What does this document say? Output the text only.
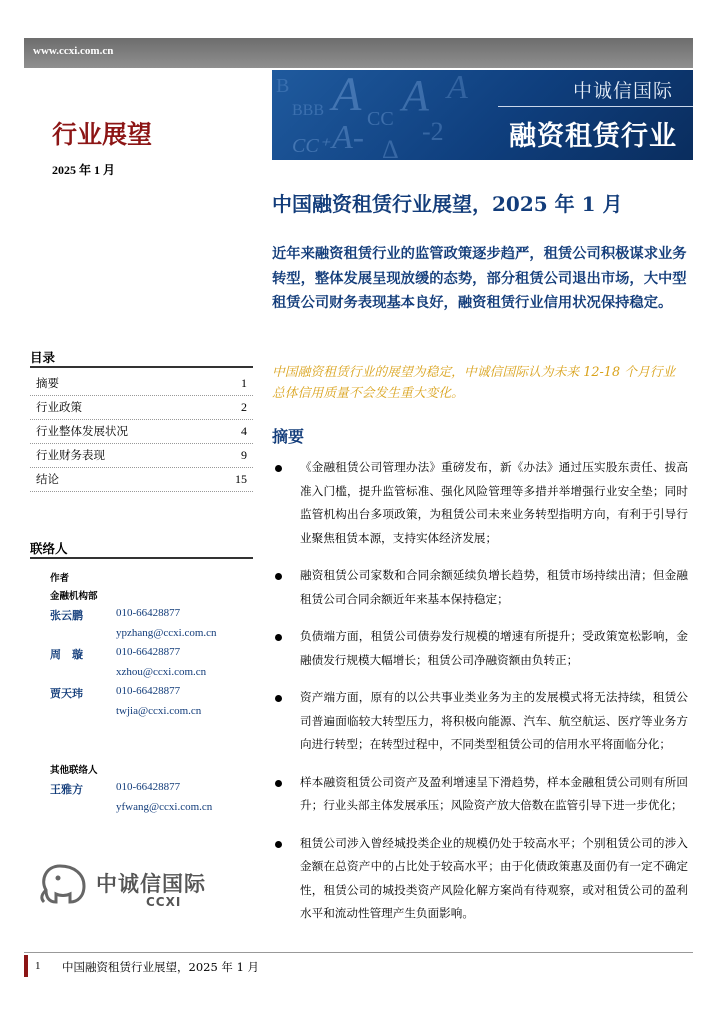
www.ccxi.com.cn
B
BBB A CC
CC⁺
A
A- -2
A
Δ
中诚信国际
融资租赁行业
行业展望
2025 年 1 月
中国融资租赁行业展望，2025 年 1 月

近年来融资租赁行业的监管政策逐步趋严，租赁公司积极谋求业务转型，整体发展呈现放缓的态势，部分租赁公司退出市场，大中型租赁公司财务表现基本良好，融资租赁行业信用状况保持稳定。

中国融资租赁行业的展望为稳定，中诚信国际认为未来 12-18 个月行业总体信用质量不会发生重大变化。

摘要
《金融租赁公司管理办法》重磅发布，新《办法》通过压实股东责任、拔高准入门槛，提升监管标准、强化风险管理等多措并举增强行业安全垫；同时监管机构出台多项政策，为租赁公司未来业务转型指明方向，有利于引导行业聚焦租赁本源，支持实体经济发展；
融资租赁公司家数和合同余额延续负增长趋势，租赁市场持续出清；但金融租赁公司合同余额近年来基本保持稳定；
负债端方面，租赁公司债券发行规模的增速有所提升；受政策宽松影响，金融债发行规模大幅增长；租赁公司净融资额由负转正；
资产端方面，原有的以公共事业类业务为主的发展模式将无法持续，租赁公司普遍面临较大转型压力，将积极向能源、汽车、航空航运、医疗等业务方向进行转型；在转型过程中，不同类型租赁公司的信用水平将面临分化；
样本融资租赁公司资产及盈利增速呈下滑趋势，样本金融租赁公司则有所回升；行业头部主体发展承压；风险资产放大倍数在监管引导下进一步优化；
租赁公司涉入曾经城投类企业的规模仍处于较高水平；个别租赁公司的涉入金额在总资产中的占比处于较高水平；由于化债政策惠及面仍有一定不确定性，租赁公司的城投类资产风险化解方案尚有待观察，或对租赁公司的盈利水平和流动性管理产生负面影响。
目录
摘要	1
行业政策	2
行业整体发展状况	4
行业财务表现	9
结论	15
联络人
作者
金融机构部
张云鹏	010-66428877
ypzhang@ccxi.com.cn
周　璇	010-66428877
xzhou@ccxi.com.cn
贾天玮	010-66428877
twjia@ccxi.com.cn
其他联络人
王雅方	010-66428877
yfwang@ccxi.com.cn
中诚信国际
CCXI
1 中国融资租赁行业展望，2025 年 1 月
